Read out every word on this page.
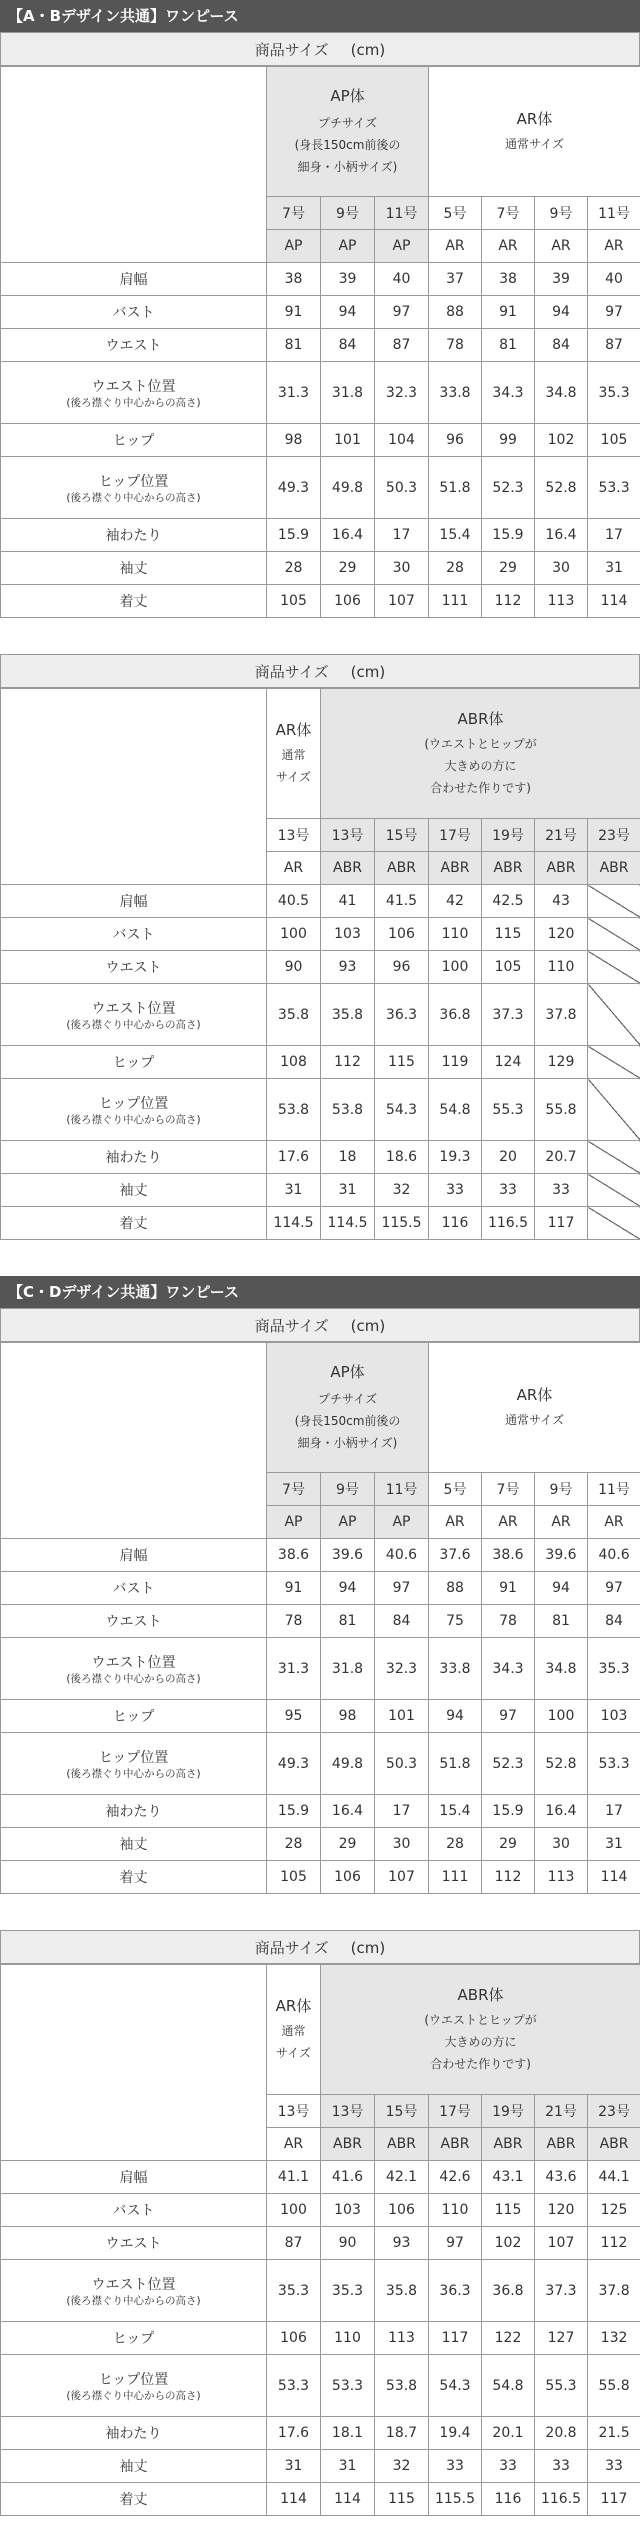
【A・Bデザイン共通】ワンピース
商品サイズ (cm)

	AP体
プチサイズ
(身長150cm前後の
細身・小柄サイズ)			AR体
通常サイズ			

	7号	9号	11号	5号	7号	9号	11号
	AP	AP	AP	AR	AR	AR	AR
肩幅	38	39	40	37	38	39	40
バスト	91	94	97	88	91	94	97
ウエスト	81	84	87	78	81	84	87

ウエスト位置
(後ろ襟ぐり中心からの高さ)	31.3	31.8	32.3	33.8	34.3	34.8	35.3
ヒップ	98	101	104	96	99	102	105

ヒップ位置
(後ろ襟ぐり中心からの高さ)	49.3	49.8	50.3	51.8	52.3	52.8	53.3
袖わたり	15.9	16.4	17	15.4	15.9	16.4	17
袖丈	28	29	30	28	29	30	31
着丈	105	106	107	111	112	113	114
商品サイズ (cm)

	AR体
通常
サイズ	ABR体
(ウエストとヒップが
大きめの方に
合わせた作りです)					

	13号	13号	15号	17号	19号	21号	23号
	AR	ABR	ABR	ABR	ABR	ABR	ABR
肩幅	40.5	41	41.5	42	42.5	43	
バスト	100	103	106	110	115	120	
ウエスト	90	93	96	100	105	110	

ウエスト位置
(後ろ襟ぐり中心からの高さ)	35.8	35.8	36.3	36.8	37.3	37.8	
ヒップ	108	112	115	119	124	129	

ヒップ位置
(後ろ襟ぐり中心からの高さ)	53.8	53.8	54.3	54.8	55.3	55.8	
袖わたり	17.6	18	18.6	19.3	20	20.7	
袖丈	31	31	32	33	33	33	
着丈	114.5	114.5	115.5	116	116.5	117	
【C・Dデザイン共通】ワンピース
商品サイズ (cm)

	AP体
プチサイズ
(身長150cm前後の
細身・小柄サイズ)			AR体
通常サイズ			

	7号	9号	11号	5号	7号	9号	11号
	AP	AP	AP	AR	AR	AR	AR
肩幅	38.6	39.6	40.6	37.6	38.6	39.6	40.6
バスト	91	94	97	88	91	94	97
ウエスト	78	81	84	75	78	81	84

ウエスト位置
(後ろ襟ぐり中心からの高さ)	31.3	31.8	32.3	33.8	34.3	34.8	35.3
ヒップ	95	98	101	94	97	100	103

ヒップ位置
(後ろ襟ぐり中心からの高さ)	49.3	49.8	50.3	51.8	52.3	52.8	53.3
袖わたり	15.9	16.4	17	15.4	15.9	16.4	17
袖丈	28	29	30	28	29	30	31
着丈	105	106	107	111	112	113	114
商品サイズ (cm)

	AR体
通常
サイズ	ABR体
(ウエストとヒップが
大きめの方に
合わせた作りです)					

	13号	13号	15号	17号	19号	21号	23号
	AR	ABR	ABR	ABR	ABR	ABR	ABR
肩幅	41.1	41.6	42.1	42.6	43.1	43.6	44.1
バスト	100	103	106	110	115	120	125
ウエスト	87	90	93	97	102	107	112

ウエスト位置
(後ろ襟ぐり中心からの高さ)	35.3	35.3	35.8	36.3	36.8	37.3	37.8
ヒップ	106	110	113	117	122	127	132

ヒップ位置
(後ろ襟ぐり中心からの高さ)	53.3	53.3	53.8	54.3	54.8	55.3	55.8
袖わたり	17.6	18.1	18.7	19.4	20.1	20.8	21.5
袖丈	31	31	32	33	33	33	33
着丈	114	114	115	115.5	116	116.5	117
